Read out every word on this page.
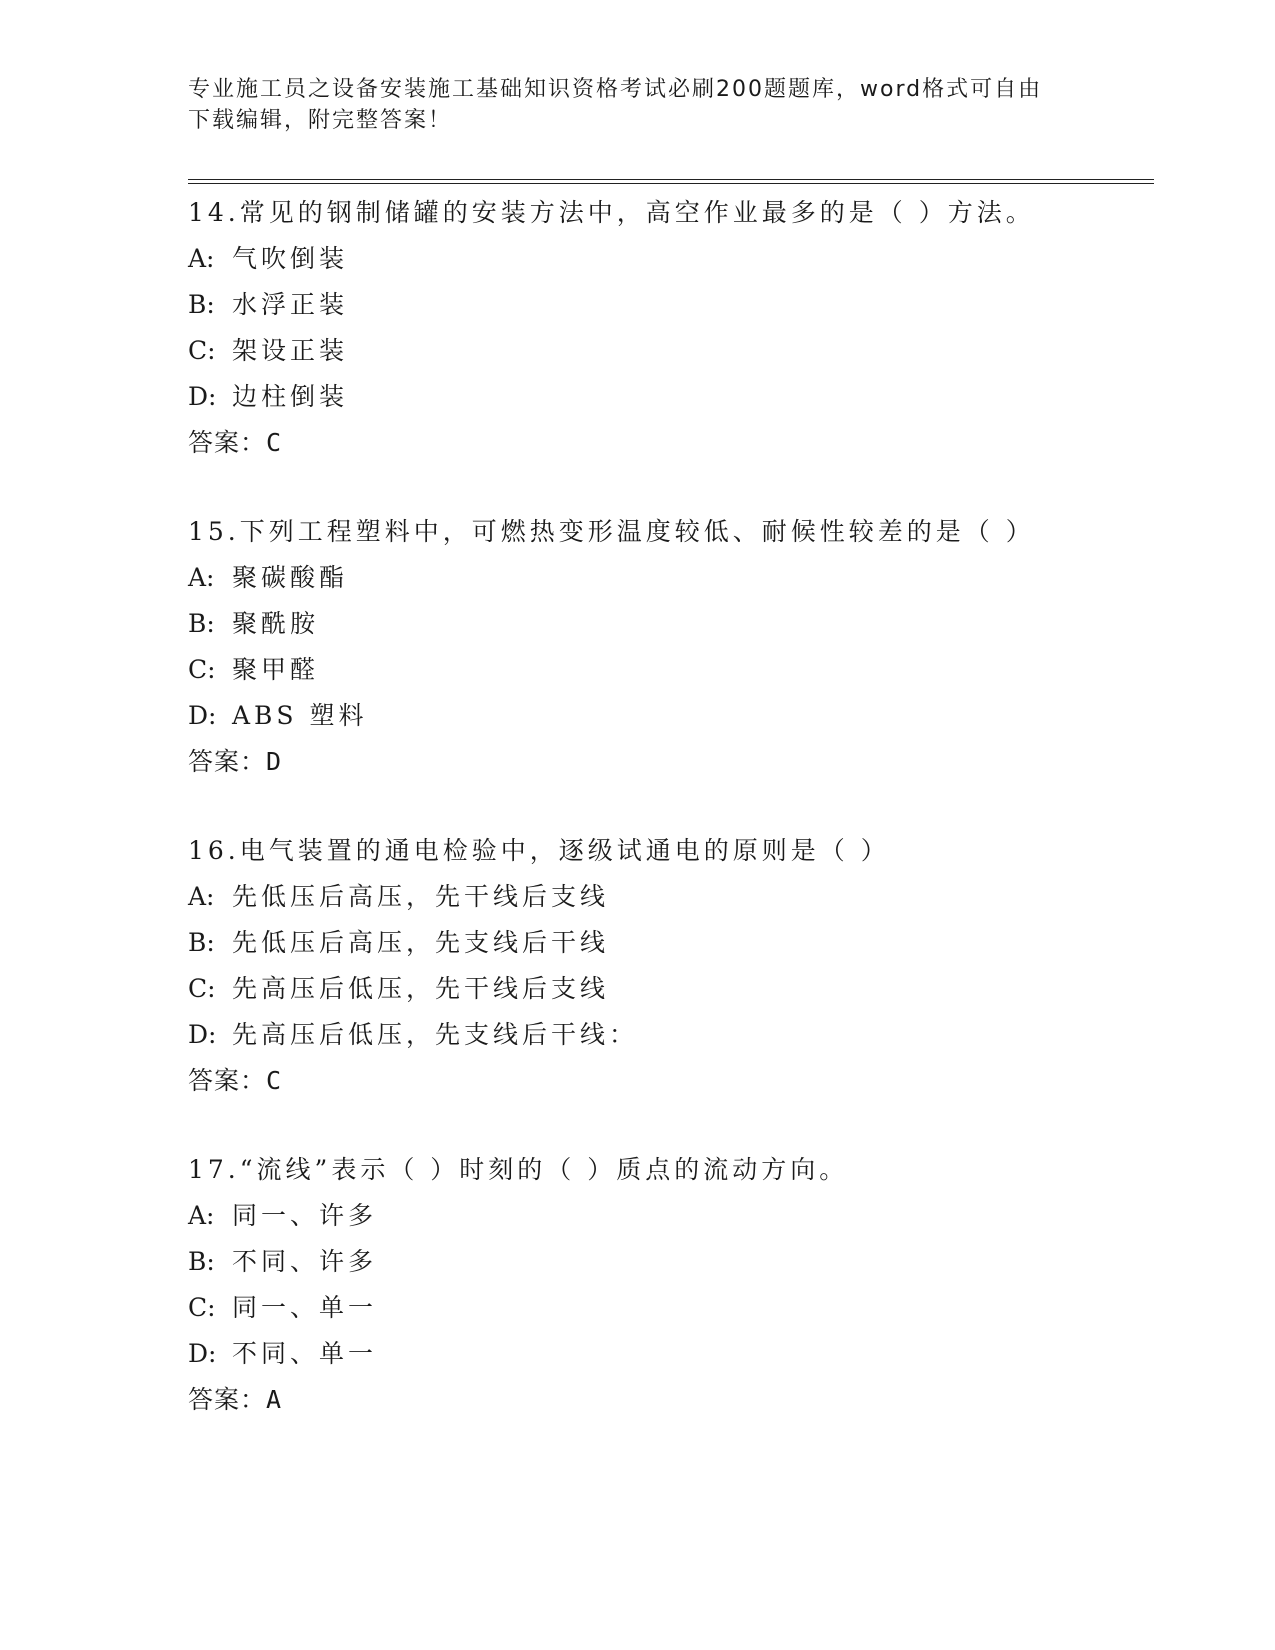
专业施工员之设备安装施工基础知识资格考试必刷200题题库，word格式可自由
下载编辑，附完整答案！
14.常见的钢制储罐的安装方法中，高空作业最多的是（ ）方法。
A: 气吹倒装
B: 水浮正装
C: 架设正装
D: 边柱倒装
答案：C
15.下列工程塑料中，可燃热变形温度较低、耐候性较差的是（ ）
A: 聚碳酸酯
B: 聚酰胺
C: 聚甲醛
D: ABS 塑料
答案：D
16.电气装置的通电检验中，逐级试通电的原则是（ ）
A: 先低压后高压，先干线后支线
B: 先低压后高压，先支线后干线
C: 先高压后低压，先干线后支线
D: 先高压后低压，先支线后干线：
答案：C
17.“流线”表示（ ）时刻的（ ）质点的流动方向。
A: 同一、许多
B: 不同、许多
C: 同一、单一
D: 不同、单一
答案：A
